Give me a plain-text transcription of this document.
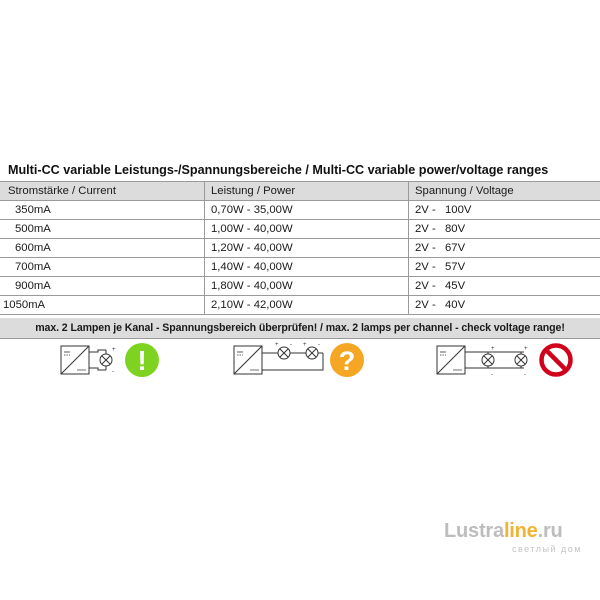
Multi-CC variable Leistungs-/Spannungsbereiche / Multi-CC variable power/voltage ranges
Stromstärke / Current	Leistung / Power	Spannung / Voltage
350mA	0,70W - 35,00W	2V - 100V
500mA	1,00W - 40,00W	2V - 80V
600mA	1,20W - 40,00W	2V - 67V
700mA	1,40W - 40,00W	2V - 57V
900mA	1,80W - 40,00W	2V - 45V
1050mA	2,10W - 42,00W	2V - 40V
max. 2 Lampen je Kanal - Spannungsbereich überprüfen! / max. 2 lamps per channel - check voltage range!
+
- !	+ - + -
?	+
-
+
-
Lustraline.ru
светлый дом
